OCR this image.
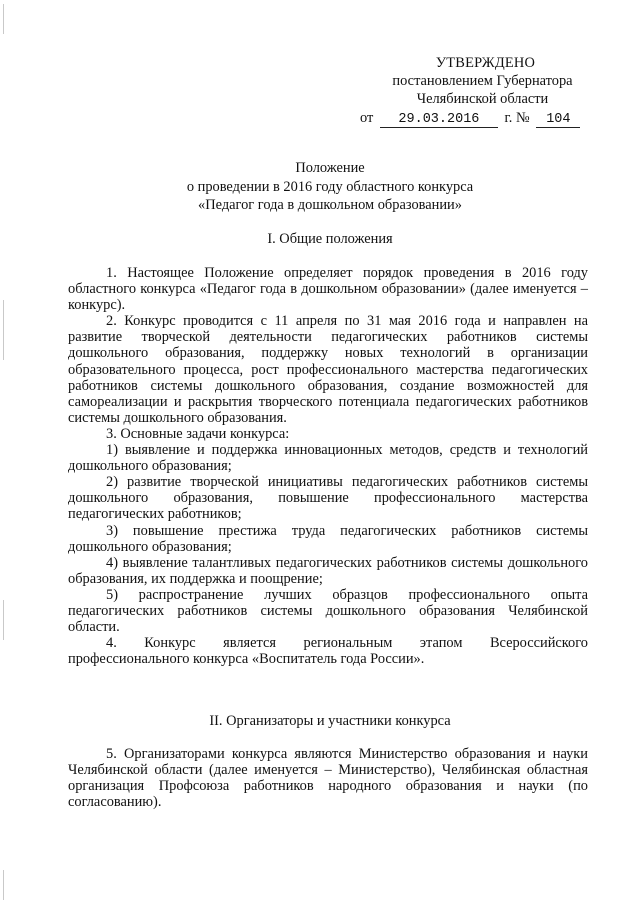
УТВЕРЖДЕНО
постановлением Губернатора
Челябинской области
от 29.03.2016 г. № 104
Положение
о проведении в 2016 году областного конкурса
«Педагог года в дошкольном образовании»
I. Общие положения

1. Настоящее Положение определяет порядок проведения в 2016 году областного конкурса «Педагог года в дошкольном образовании» (далее именуется – конкурс).

2. Конкурс проводится с 11 апреля по 31 мая 2016 года и направлен на развитие творческой деятельности педагогических работников системы дошкольного образования, поддержку новых технологий в организации образовательного процесса, рост профессионального мастерства педагогических работников системы дошкольного образования, создание возможностей для самореализации и раскрытия творческого потенциала педагогических работников системы дошкольного образования.

3. Основные задачи конкурса:

1) выявление и поддержка инновационных методов, средств и технологий дошкольного образования;

2) развитие творческой инициативы педагогических работников системы дошкольного образования, повышение профессионального мастерства педагогических работников;

3) повышение престижа труда педагогических работников системы дошкольного образования;

4) выявление талантливых педагогических работников системы дошкольного образования, их поддержка и поощрение;

5) распространение лучших образцов профессионального опыта педагогических работников системы дошкольного образования Челябинской области.

4. Конкурс является региональным этапом Всероссийского профессионального конкурса «Воспитатель года России».

II. Организаторы и участники конкурса

5. Организаторами конкурса являются Министерство образования и науки Челябинской области (далее именуется – Министерство), Челябинская областная организация Профсоюза работников народного образования и науки (по согласованию).
